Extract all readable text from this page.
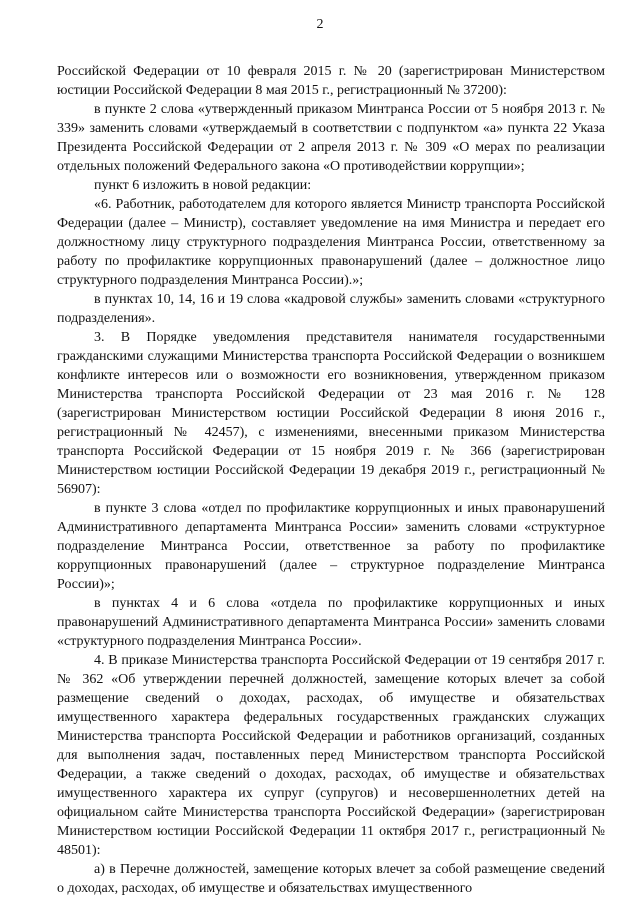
2

Российской Федерации от 10 февраля 2015 г. № 20 (зарегистрирован Министерством юстиции Российской Федерации 8 мая 2015 г., регистрационный № 37200):

в пункте 2 слова «утвержденный приказом Минтранса России от 5 ноября 2013 г. № 339» заменить словами «утверждаемый в соответствии с подпунктом «а» пункта 22 Указа Президента Российской Федерации от 2 апреля 2013 г. № 309 «О мерах по реализации отдельных положений Федерального закона «О противодействии коррупции»;

пункт 6 изложить в новой редакции:

«6. Работник, работодателем для которого является Министр транспорта Российской Федерации (далее – Министр), составляет уведомление на имя Министра и передает его должностному лицу структурного подразделения Минтранса России, ответственному за работу по профилактике коррупционных правонарушений (далее – должностное лицо структурного подразделения Минтранса России).»;

в пунктах 10, 14, 16 и 19 слова «кадровой службы» заменить словами «структурного подразделения».

3. В Порядке уведомления представителя нанимателя государственными гражданскими служащими Министерства транспорта Российской Федерации о возникшем конфликте интересов или о возможности его возникновения, утвержденном приказом Министерства транспорта Российской Федерации от 23 мая 2016 г. № 128 (зарегистрирован Министерством юстиции Российской Федерации 8 июня 2016 г., регистрационный № 42457), с изменениями, внесенными приказом Министерства транспорта Российской Федерации от 15 ноября 2019 г. № 366 (зарегистрирован Министерством юстиции Российской Федерации 19 декабря 2019 г., регистрационный № 56907):

в пункте 3 слова «отдел по профилактике коррупционных и иных правонарушений Административного департамента Минтранса России» заменить словами «структурное подразделение Минтранса России, ответственное за работу по профилактике коррупционных правонарушений (далее – структурное подразделение Минтранса России)»;

в пунктах 4 и 6 слова «отдела по профилактике коррупционных и иных правонарушений Административного департамента Минтранса России» заменить словами «структурного подразделения Минтранса России».

4. В приказе Министерства транспорта Российской Федерации от 19 сентября 2017 г. № 362 «Об утверждении перечней должностей, замещение которых влечет за собой размещение сведений о доходах, расходах, об имуществе и обязательствах имущественного характера федеральных государственных гражданских служащих Министерства транспорта Российской Федерации и работников организаций, созданных для выполнения задач, поставленных перед Министерством транспорта Российской Федерации, а также сведений о доходах, расходах, об имуществе и обязательствах имущественного характера их супруг (супругов) и несовершеннолетних детей на официальном сайте Министерства транспорта Российской Федерации» (зарегистрирован Министерством юстиции Российской Федерации 11 октября 2017 г., регистрационный № 48501):

а) в Перечне должностей, замещение которых влечет за собой размещение сведений о доходах, расходах, об имуществе и обязательствах имущественного
